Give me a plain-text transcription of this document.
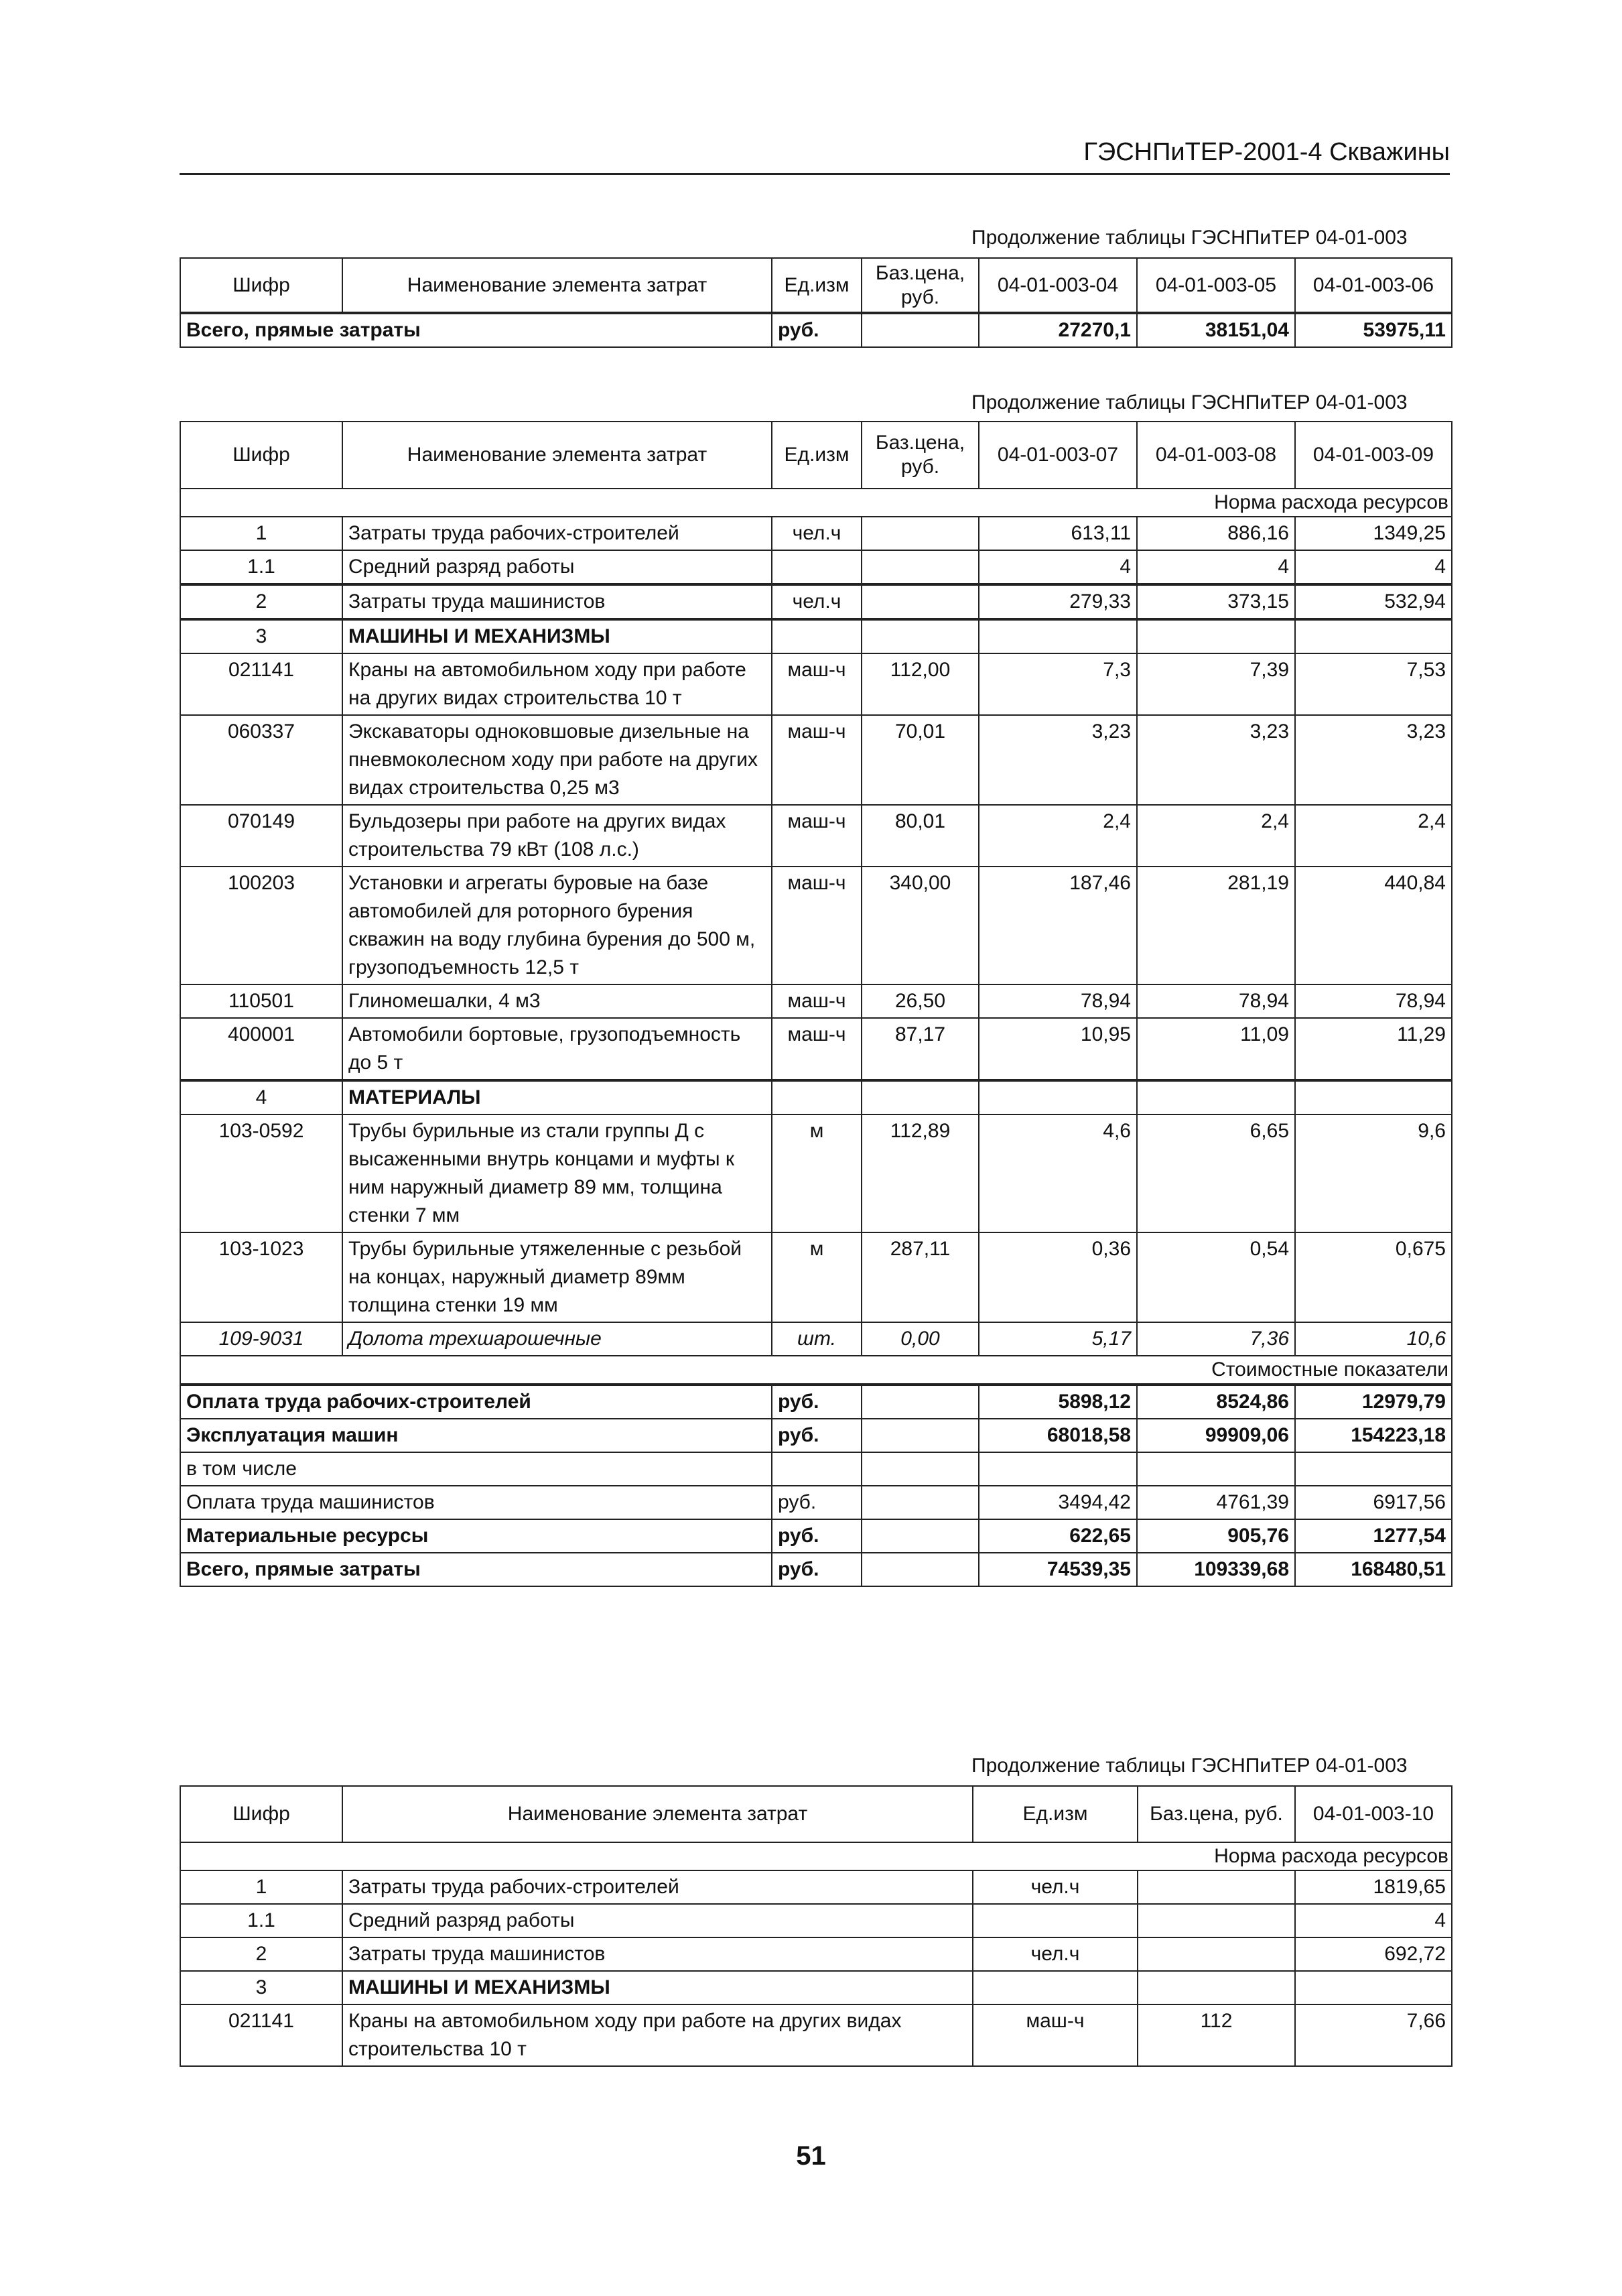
ГЭСНПиТЕР-2001-4 Скважины
Продолжение таблицы ГЭСНПиТЕР 04-01-003
Шифр	Наименование элемента затрат	Ед.изм	Баз.цена, руб.	04-01-003-04	04-01-003-05	04-01-003-06
Всего, прямые затраты		руб.		27270,1	38151,04	53975,11
Продолжение таблицы ГЭСНПиТЕР 04-01-003
Шифр	Наименование элемента затрат	Ед.изм	Баз.цена, руб.	04-01-003-07	04-01-003-08	04-01-003-09
Норма расхода ресурсов						
1	Затраты труда рабочих-строителей	чел.ч		613,11	886,16	1349,25
1.1	Средний разряд работы			4	4	4
2	Затраты труда машинистов	чел.ч		279,33	373,15	532,94
3	МАШИНЫ И МЕХАНИЗМЫ					
021141	Краны на автомобильном ходу при работе на других видах строительства 10 т	маш-ч	112,00	7,3	7,39	7,53
060337	Экскаваторы одноковшовые дизельные на пневмоколесном ходу при работе на других видах строительства 0,25 м3	маш-ч	70,01	3,23	3,23	3,23
070149	Бульдозеры при работе на других видах строительства 79 кВт (108 л.с.)	маш-ч	80,01	2,4	2,4	2,4
100203	Установки и агрегаты буровые на базе автомобилей для роторного бурения скважин на воду глубина бурения до 500 м, грузоподъемность 12,5 т	маш-ч	340,00	187,46	281,19	440,84
110501	Глиномешалки, 4 м3	маш-ч	26,50	78,94	78,94	78,94
400001	Автомобили бортовые, грузоподъемность до 5 т	маш-ч	87,17	10,95	11,09	11,29
4	МАТЕРИАЛЫ					
103-0592	Трубы бурильные из стали группы Д с высаженными внутрь концами и муфты к ним наружный диаметр 89 мм, толщина стенки 7 мм	м	112,89	4,6	6,65	9,6
103-1023	Трубы бурильные утяжеленные с резьбой на концах, наружный диаметр 89мм толщина стенки 19 мм	м	287,11	0,36	0,54	0,675
109-9031	Долота трехшарошечные	шт.	0,00	5,17	7,36	10,6
Стоимостные показатели						
Оплата труда рабочих-строителей		руб.		5898,12	8524,86	12979,79
Эксплуатация машин		руб.		68018,58	99909,06	154223,18
в том числе						
Оплата труда машинистов		руб.		3494,42	4761,39	6917,56
Материальные ресурсы		руб.		622,65	905,76	1277,54
Всего, прямые затраты		руб.		74539,35	109339,68	168480,51
Продолжение таблицы ГЭСНПиТЕР 04-01-003
Шифр	Наименование элемента затрат	Ед.изм	Баз.цена, руб.	04-01-003-10
Норма расхода ресурсов				
1	Затраты труда рабочих-строителей	чел.ч		1819,65
1.1	Средний разряд работы			4
2	Затраты труда машинистов	чел.ч		692,72
3	МАШИНЫ И МЕХАНИЗМЫ			
021141	Краны на автомобильном ходу при работе на других видах строительства 10 т	маш-ч	112	7,66
51
